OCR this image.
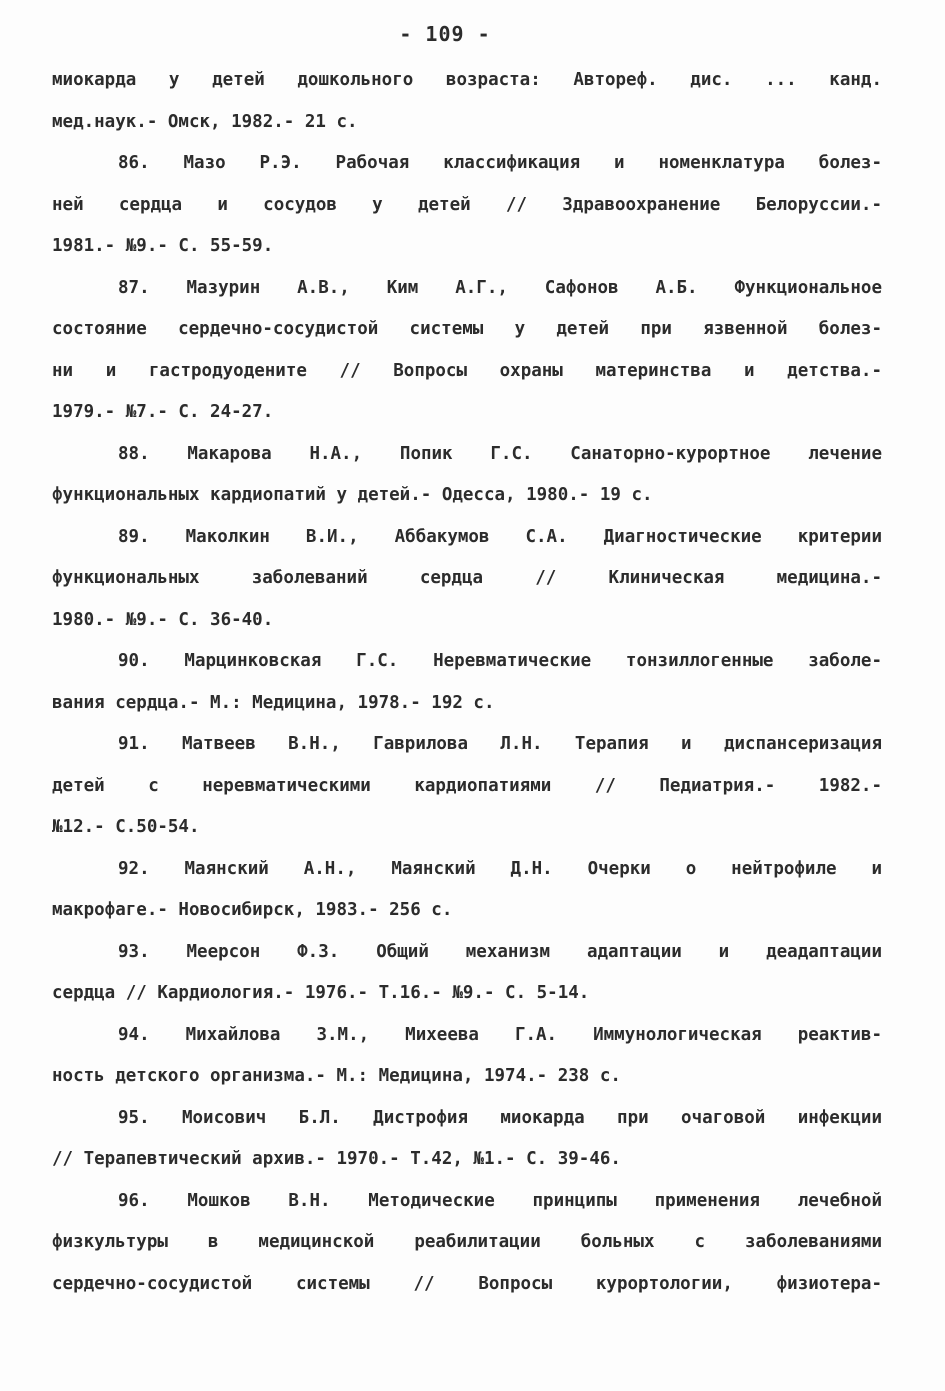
- 109 -
миокарда у детей дошкольного возраста: Автореф. дис. ... канд.
мед.наук.- Омск, 1982.- 21 с.
86. Мазо Р.Э. Рабочая классификация и номенклатура болез-
ней сердца и сосудов у детей // Здравоохранение Белоруссии.-
1981.- №9.- С. 55-59.
87. Мазурин А.В., Ким А.Г., Сафонов А.Б. Функциональное
состояние сердечно-сосудистой системы у детей при язвенной болез-
ни и гастродуодените // Вопросы охраны материнства и детства.-
1979.- №7.- С. 24-27.
88. Макарова Н.А., Попик Г.С. Санаторно-курортное лечение
функциональных кардиопатий у детей.- Одесса, 1980.- 19 с.
89. Маколкин В.И., Аббакумов С.А. Диагностические критерии
функциональных заболеваний сердца // Клиническая медицина.-
1980.- №9.- С. 36-40.
90. Марцинковская Г.С. Неревматические тонзиллогенные заболе-
вания сердца.- М.: Медицина, 1978.- 192 с.
91. Матвеев В.Н., Гаврилова Л.Н. Терапия и диспансеризация
детей с неревматическими кардиопатиями // Педиатрия.- 1982.-
№12.- С.50-54.
92. Маянский А.Н., Маянский Д.Н. Очерки о нейтрофиле и
макрофаге.- Новосибирск, 1983.- 256 с.
93. Меерсон Ф.З. Общий механизм адаптации и деадаптации
сердца // Кардиология.- 1976.- Т.16.- №9.- С. 5-14.
94. Михайлова З.М., Михеева Г.А. Иммунологическая реактив-
ность детского организма.- М.: Медицина, 1974.- 238 с.
95. Моисович Б.Л. Дистрофия миокарда при очаговой инфекции
// Терапевтический архив.- 1970.- Т.42, №1.- С. 39-46.
96. Мошков В.Н. Методические принципы применения лечебной
физкультуры в медицинской реабилитации больных с заболеваниями
сердечно-сосудистой системы // Вопросы курортологии, физиотера-
